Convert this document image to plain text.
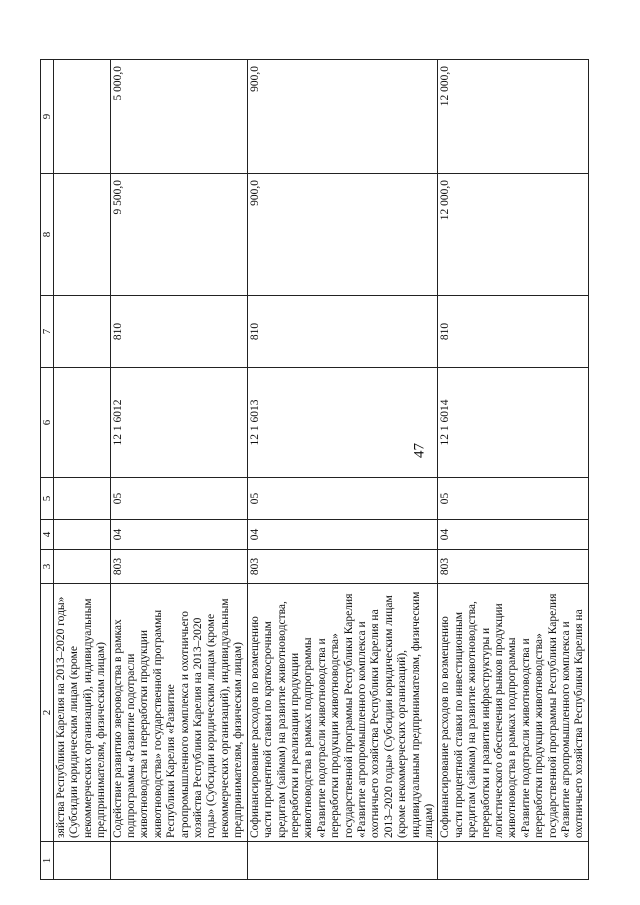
47
1	2	3	4	5	6	7	8	9
	зяйства Республики Карелия на 2013–2020 годы» (Субсидии юридическим лицам (кроме некоммерческих организаций), индивидуальным предпринимателям, физическим лицам)							
	Содействие развитию звероводства в рамках подпрограммы «Развитие подотрасли животноводства и переработки продукции животноводства» государственной программы Республики Карелия «Развитие агропромышленного комплекса и охотничьего хозяйства Республики Карелия на 2013–2020 годы» (Субсидии юридическим лицам (кроме некоммерческих организаций), индивидуальным предпринимателям, физическим лицам)	803	04	05	12 1 6012	810	9 500,0	5 000,0
	Софинансирование расходов по возмещению части процентной ставки по краткосрочным кредитам (займам) на развитие животноводства, переработки и реализации продукции животноводства в рамках подпрограммы «Развитие подотрасли животноводства и переработки продукции животноводства» государственной программы Республики Карелия «Развитие агропромышленного комплекса и охотничьего хозяйства Республики Карелия на 2013–2020 годы» (Субсидии юридическим лицам (кроме некоммерческих организаций), индивидуальным предпринимателям, физическим лицам)	803	04	05	12 1 6013	810	900,0	900,0
	Софинансирование расходов по возмещению части процентной ставки по инвестиционным кредитам (займам) на развитие животноводства, переработки и развития инфраструктуры и логистического обеспечения рынков продукции животноводства в рамках подпрограммы «Развитие подотрасли животноводства и переработки продукции животноводства» государственной программы Республики Карелия «Развитие агропромышленного комплекса и охотничьего хозяйства Республики Карелия на	803	04	05	12 1 6014	810	12 000,0	12 000,0
